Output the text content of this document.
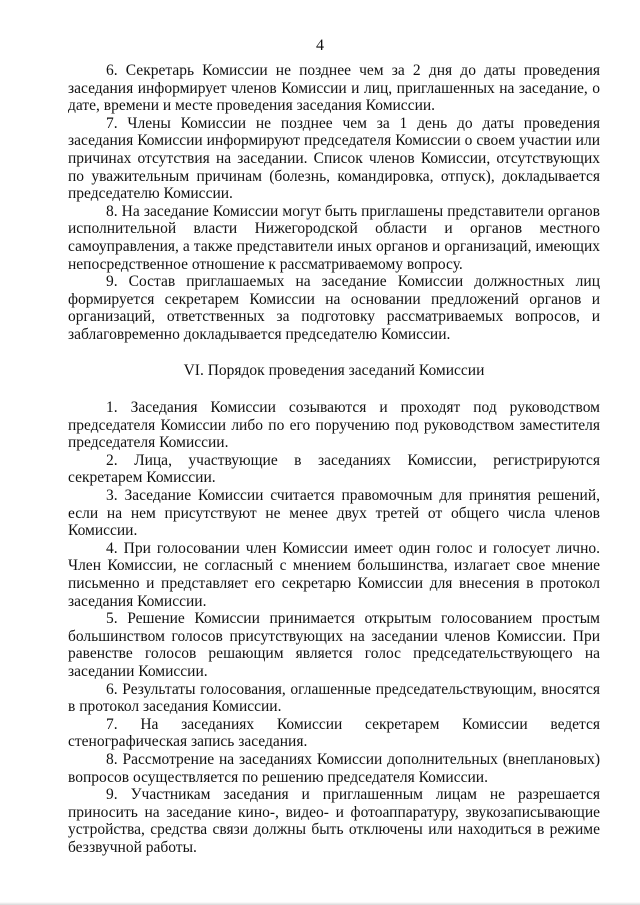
4

6. Секретарь Комиссии не позднее чем за 2 дня до даты проведения заседания информирует членов Комиссии и лиц, приглашенных на заседание, о дате, времени и месте проведения заседания Комиссии.

7. Члены Комиссии не позднее чем за 1 день до даты проведения заседания Комиссии информируют председателя Комиссии о своем участии или причинах отсутствия на заседании. Список членов Комиссии, отсутствующих по уважительным причинам (болезнь, командировка, отпуск), докладывается председателю Комиссии.

8. На заседание Комиссии могут быть приглашены представители органов исполнительной власти Нижегородской области и органов местного самоуправления, а также представители иных органов и организаций, имеющих непосредственное отношение к рассматриваемому вопросу.

9. Состав приглашаемых на заседание Комиссии должностных лиц формируется секретарем Комиссии на основании предложений органов и организаций, ответственных за подготовку рассматриваемых вопросов, и заблаговременно докладывается председателю Комиссии.

VI. Порядок проведения заседаний Комиссии

1. Заседания Комиссии созываются и проходят под руководством председателя Комиссии либо по его поручению под руководством заместителя председателя Комиссии.

2. Лица, участвующие в заседаниях Комиссии, регистрируются секретарем Комиссии.

3. Заседание Комиссии считается правомочным для принятия решений, если на нем присутствуют не менее двух третей от общего числа членов Комиссии.

4. При голосовании член Комиссии имеет один голос и голосует лично. Член Комиссии, не согласный с мнением большинства, излагает свое мнение письменно и представляет его секретарю Комиссии для внесения в протокол заседания Комиссии.

5. Решение Комиссии принимается открытым голосованием простым большинством голосов присутствующих на заседании членов Комиссии. При равенстве голосов решающим является голос председательствующего на заседании Комиссии.

6. Результаты голосования, оглашенные председательствующим, вносятся в протокол заседания Комиссии.

7. На заседаниях Комиссии секретарем Комиссии ведется стенографическая запись заседания.

8. Рассмотрение на заседаниях Комиссии дополнительных (внеплановых) вопросов осуществляется по решению председателя Комиссии.

9. Участникам заседания и приглашенным лицам не разрешается приносить на заседание кино-, видео- и фотоаппаратуру, звукозаписывающие устройства, средства связи должны быть отключены или находиться в режиме беззвучной работы.
